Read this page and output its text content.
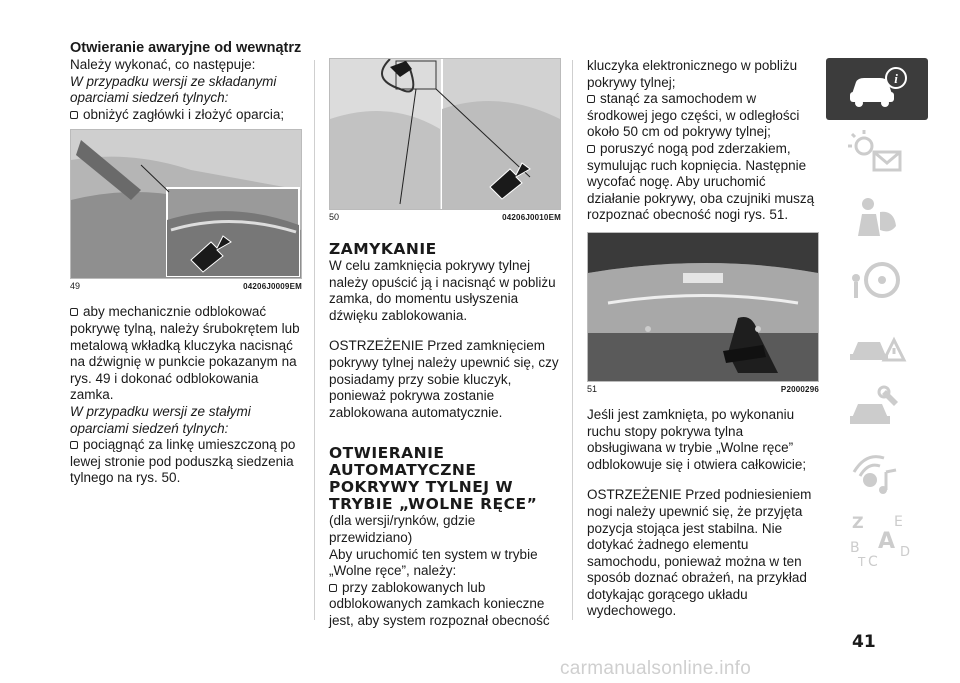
Otwieranie awaryjne od wewnątrz

Należy wykonać, co następuje:

W przypadku wersji ze składanymi oparciami siedzeń tylnych:

obniżyć zagłówki i złożyć oparcia;

49	04206J0009EM

aby mechanicznie odblokować pokrywę tylną, należy śrubokrętem lub metalową wkładką kluczyka nacisnąć na dźwignię w punkcie pokazanym na rys. 49 i dokonać odblokowania zamka.

W przypadku wersji ze stałymi oparciami siedzeń tylnych:

pociągnąć za linkę umieszczoną po lewej stronie pod poduszką siedzenia tylnego na rys. 50.

50	04206J0010EM

ZAMYKANIE

W celu zamknięcia pokrywy tylnej należy opuścić ją i nacisnąć w pobliżu zamka, do momentu usłyszenia dźwięku zablokowania.

OSTRZEŻENIE Przed zamknięciem pokrywy tylnej należy upewnić się, czy posiadamy przy sobie kluczyk, ponieważ pokrywa zostanie zablokowana automatycznie.

OTWIERANIE AUTOMATYCZNE POKRYWY TYLNEJ W TRYBIE „WOLNE RĘCE”

(dla wersji/rynków, gdzie przewidziano)

Aby uruchomić ten system w trybie „Wolne ręce”, należy:

przy zablokowanych lub odblokowanych zamkach konieczne jest, aby system rozpoznał obecność

kluczyka elektronicznego w pobliżu pokrywy tylnej;

stanąć za samochodem w środkowej jego części, w odległości około 50 cm od pokrywy tylnej;

poruszyć nogą pod zderzakiem, symulując ruch kopnięcia. Następnie wycofać nogę. Aby uruchomić działanie pokrywy, oba czujniki muszą rozpoznać obecność nogi rys. 51.

51	P2000296

Jeśli jest zamknięta, po wykonaniu ruchu stopy pokrywa tylna obsługiwana w trybie „Wolne ręce” odblokowuje się i otwiera całkowicie;

OSTRZEŻENIE Przed podniesieniem nogi należy upewnić się, że przyjęta pozycja stojąca jest stabilna. Nie dotykać żadnego elementu samochodu, ponieważ można w ten sposób doznać obrażeń, na przykład dotykając gorącego układu wydechowego.

i
Z E
B A
C
D
T
41
carmanualsonline.info
